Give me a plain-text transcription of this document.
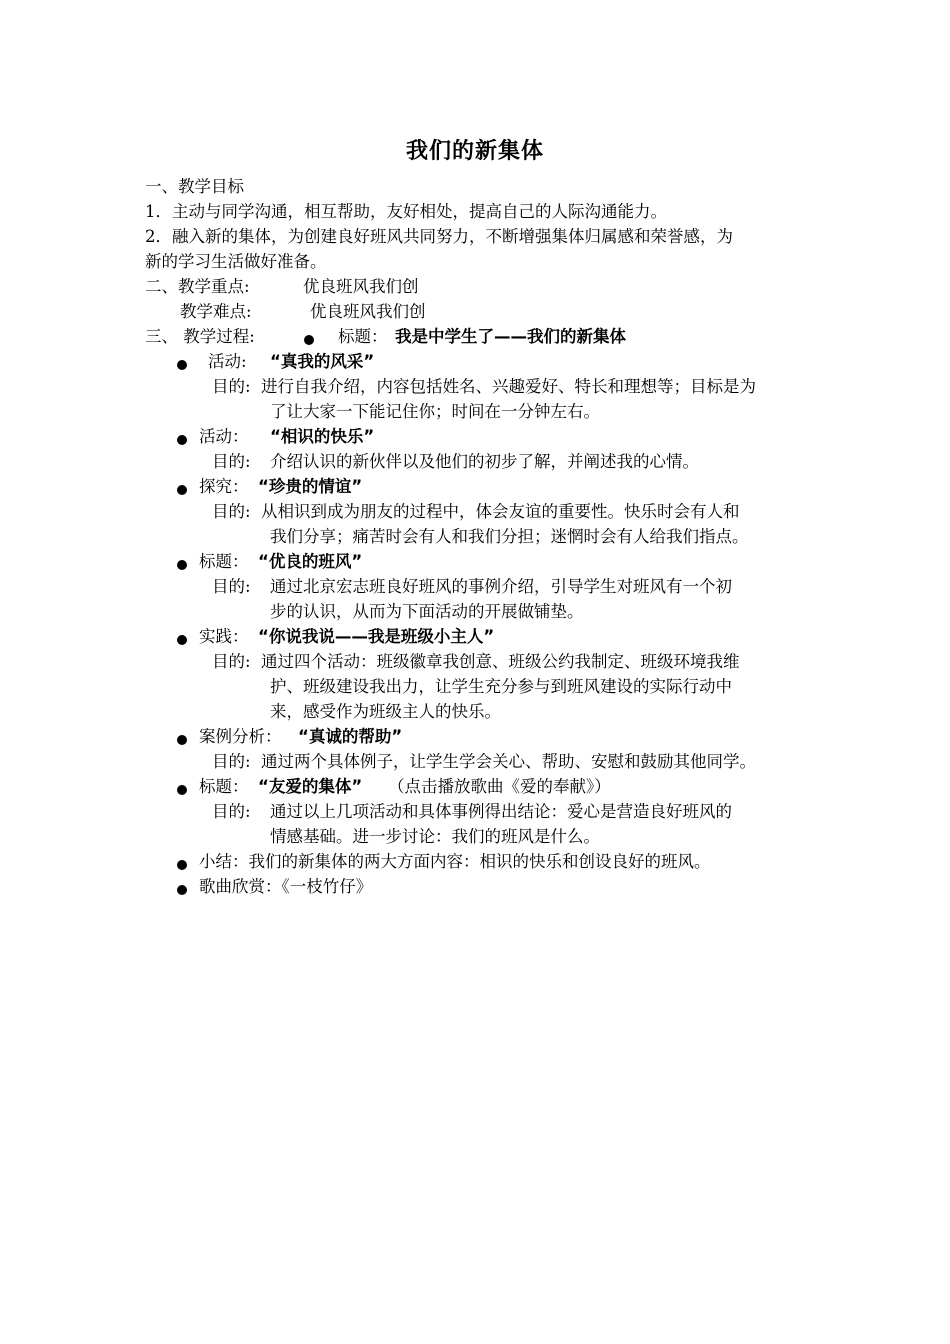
我们的新集体
一、教学目标
1．主动与同学沟通，相互帮助，友好相处，提高自己的人际沟通能力。
2．融入新的集体，为创建良好班风共同努力，不断增强集体归属感和荣誉感，为
新的学习生活做好准备。
二、教学重点:	优良班风我们创
教学难点:	优良班风我们创
三、 教学过程:	标题： 我是中学生了——我们的新集体
活动: “真我的风采”
目的: 进行自我介绍，内容包括姓名、兴趣爱好、特长和理想等；目标是为
了让大家一下能记住你；时间在一分钟左右。
活动： “相识的快乐”
目的: 介绍认识的新伙伴以及他们的初步了解，并阐述我的心情。
探究： “珍贵的情谊”
目的: 从相识到成为朋友的过程中，体会友谊的重要性。快乐时会有人和
我们分享；痛苦时会有人和我们分担；迷惘时会有人给我们指点。
标题： “优良的班风”
目的: 通过北京宏志班良好班风的事例介绍，引导学生对班风有一个初
步的认识，从而为下面活动的开展做铺垫。
实践： “你说我说——我是班级小主人”
目的: 通过四个活动：班级徽章我创意、班级公约我制定、班级环境我维
护、班级建设我出力，让学生充分参与到班风建设的实际行动中
来，感受作为班级主人的快乐。
案例分析： “真诚的帮助”
目的: 通过两个具体例子，让学生学会关心、帮助、安慰和鼓励其他同学。
标题： “友爱的集体” （点击播放歌曲《爱的奉献》）
目的: 通过以上几项活动和具体事例得出结论：爱心是营造良好班风的
情感基础。进一步讨论：我们的班风是什么。
小结：我们的新集体的两大方面内容：相识的快乐和创设良好的班风。
歌曲欣赏：《一枝竹仔》
